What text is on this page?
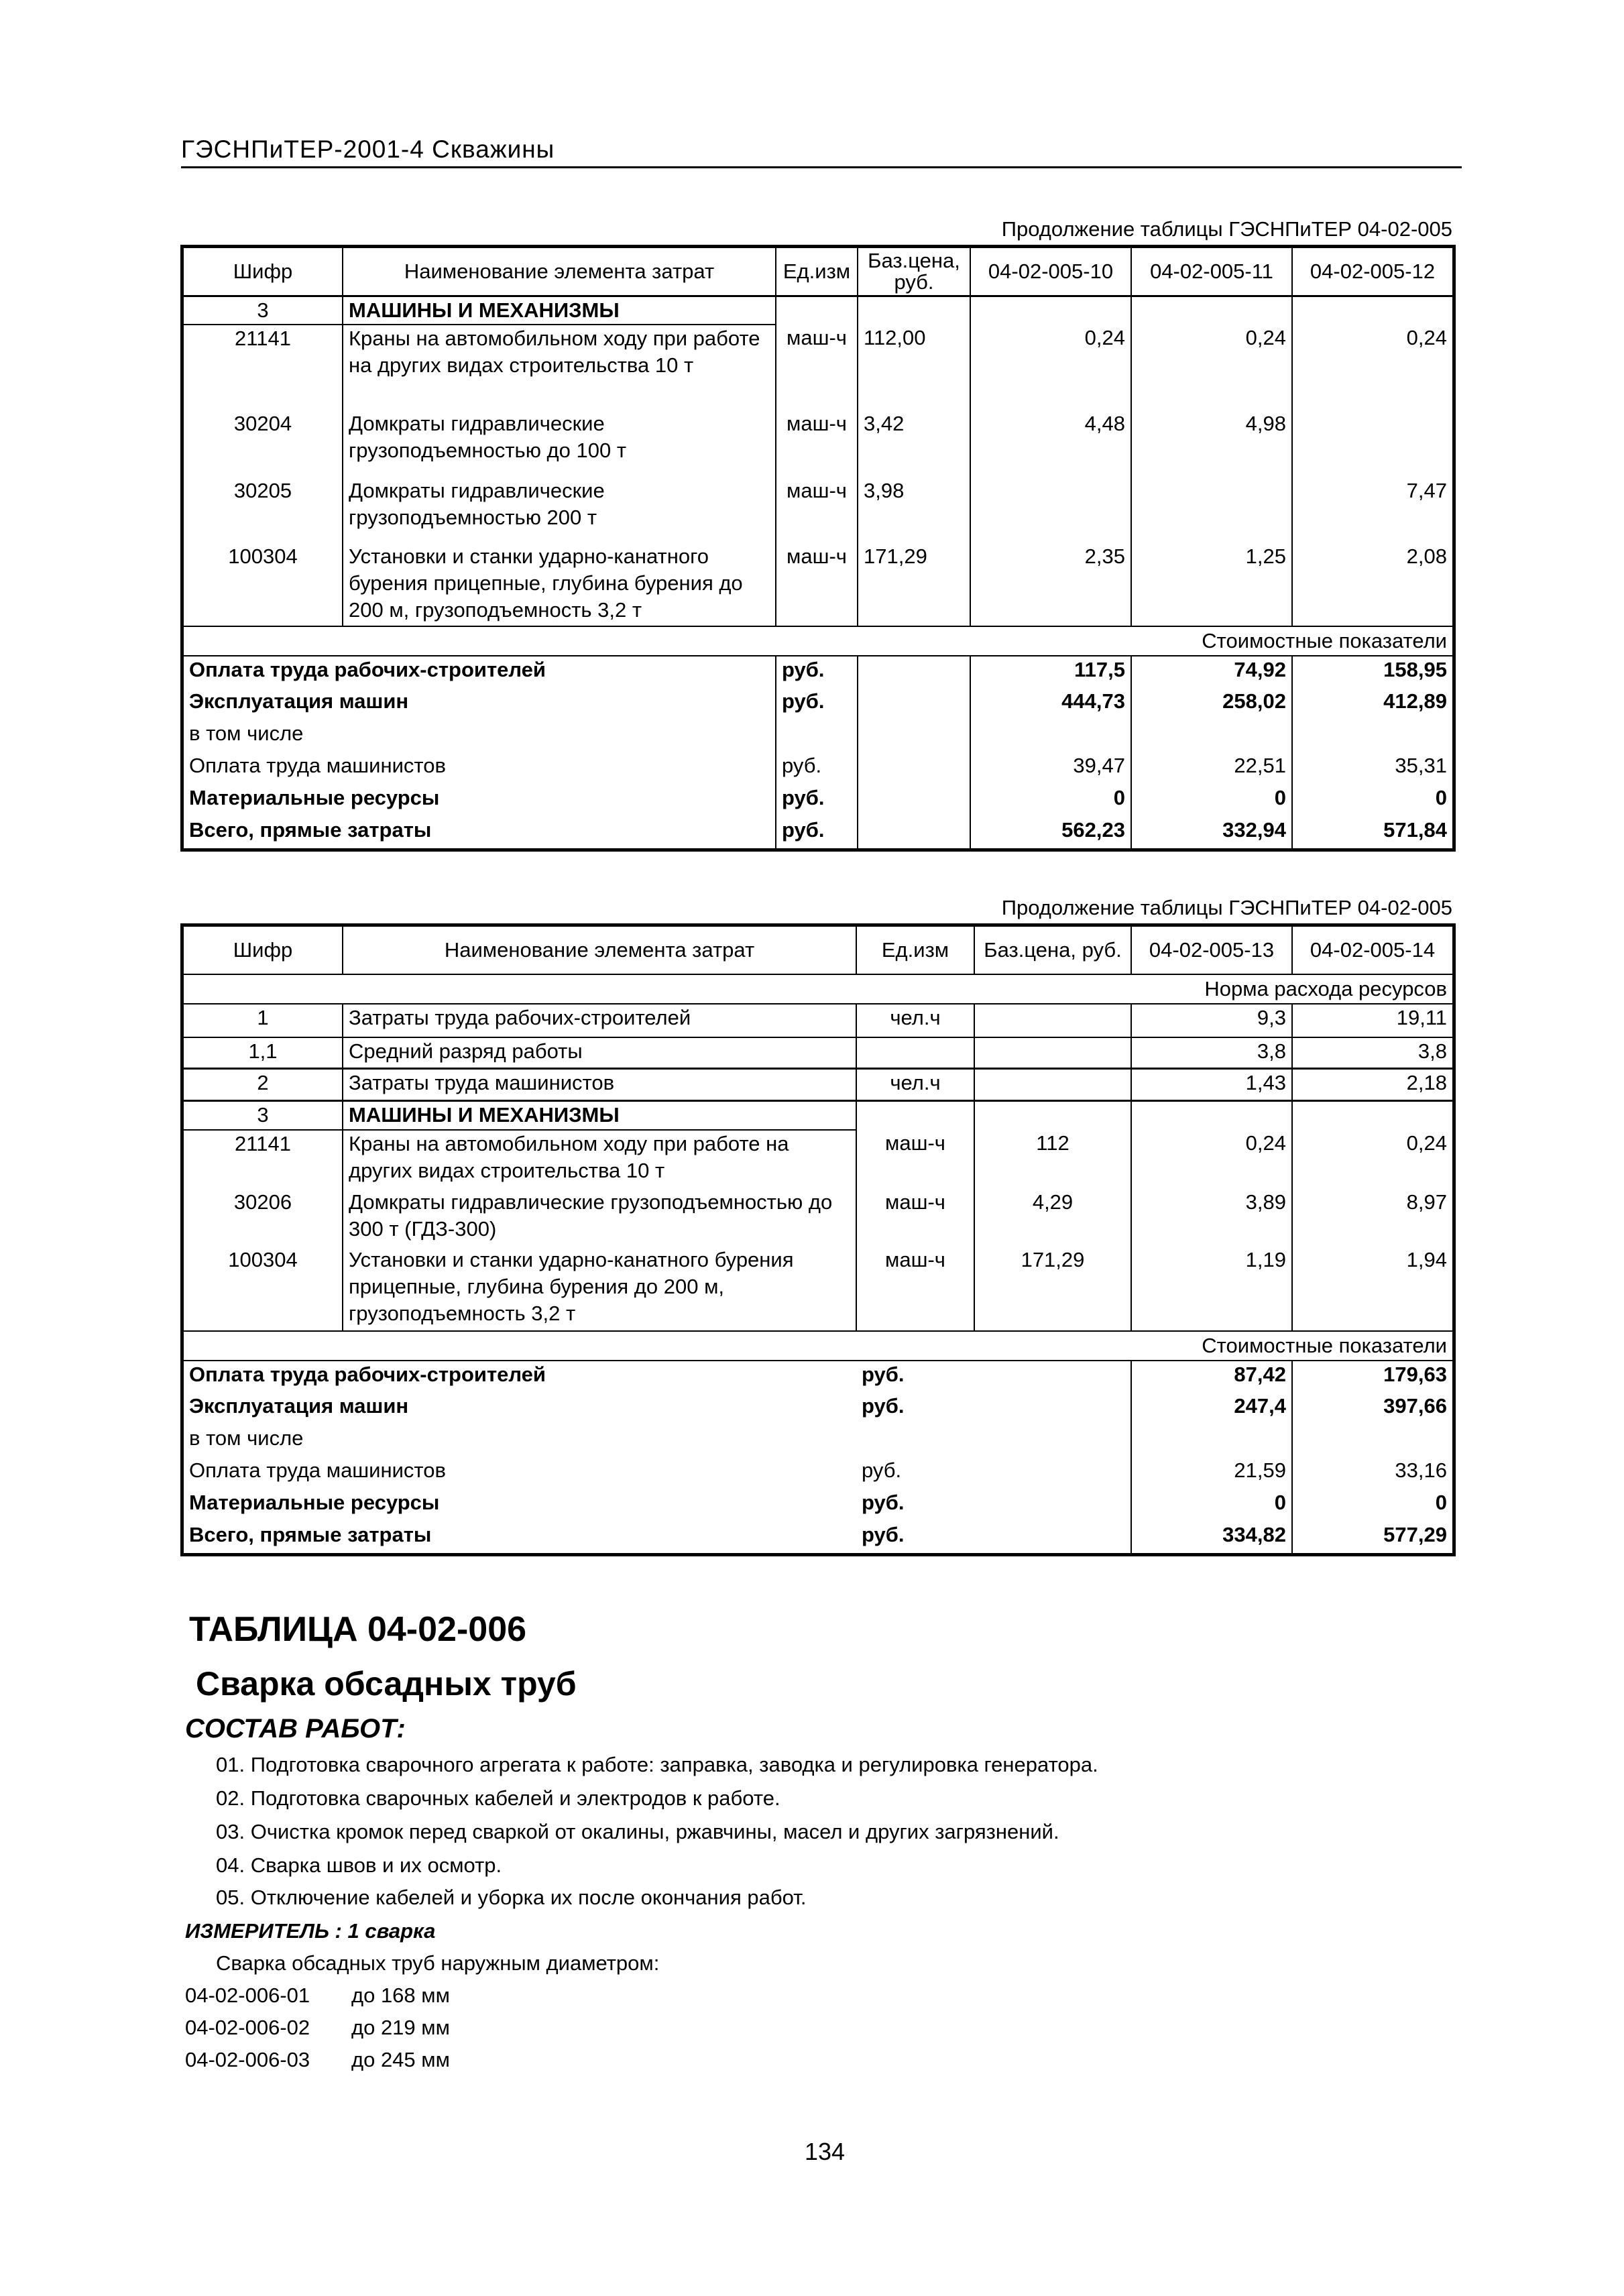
ГЭСНПиТЕР-2001-4 Скважины
Продолжение таблицы ГЭСНПиТЕР 04-02-005
Шифр	Наименование элемента затрат	Ед.изм	Баз.цена, руб.	04-02-005-10	04-02-005-11	04-02-005-12
3	МАШИНЫ И МЕХАНИЗМЫ					
21141	Краны на автомобильном ходу при работе на других видах строительства 10 т	маш-ч	112,00	0,24	0,24	0,24
30204	Домкраты гидравлические грузоподъемностью до 100 т	маш-ч	3,42	4,48	4,98	
30205	Домкраты гидравлические грузоподъемностью 200 т	маш-ч	3,98			7,47
100304	Установки и станки ударно-канатного бурения прицепные, глубина бурения до 200 м, грузоподъемность 3,2 т	маш-ч	171,29	2,35	1,25	2,08
Стоимостные показатели						
Оплата труда рабочих-строителей		руб.		117,5	74,92	158,95
Эксплуатация машин		руб.		444,73	258,02	412,89
в том числе						
Оплата труда машинистов		руб.		39,47	22,51	35,31
Материальные ресурсы		руб.		0	0	0
Всего, прямые затраты		руб.		562,23	332,94	571,84
Продолжение таблицы ГЭСНПиТЕР 04-02-005
Шифр	Наименование элемента затрат	Ед.изм	Баз.цена, руб.	04-02-005-13	04-02-005-14
Норма расхода ресурсов					
1	Затраты труда рабочих-строителей	чел.ч		9,3	19,11
1,1	Средний разряд работы			3,8	3,8
2	Затраты труда машинистов	чел.ч		1,43	2,18
3	МАШИНЫ И МЕХАНИЗМЫ				
21141	Краны на автомобильном ходу при работе на других видах строительства 10 т	маш-ч	112	0,24	0,24
30206	Домкраты гидравлические грузоподъемностью до 300 т (ГДЗ-300)	маш-ч	4,29	3,89	8,97
100304	Установки и станки ударно-канатного бурения прицепные, глубина бурения до 200 м, грузоподъемность 3,2 т	маш-ч	171,29	1,19	1,94
Стоимостные показатели					
Оплата труда рабочих-строителей		руб.		87,42	179,63
Эксплуатация машин		руб.		247,4	397,66
в том числе					
Оплата труда машинистов		руб.		21,59	33,16
Материальные ресурсы		руб.		0	0
Всего, прямые затраты		руб.		334,82	577,29
ТАБЛИЦА 04-02-006
Сварка обсадных труб
СОСТАВ РАБОТ:
01. Подготовка сварочного агрегата к работе: заправка, заводка и регулировка генератора.
02. Подготовка сварочных кабелей и электродов к работе.
03. Очистка кромок перед сваркой от окалины, ржавчины, масел и других загрязнений.
04. Сварка швов и их осмотр.
05. Отключение кабелей и уборка их после окончания работ.
ИЗМЕРИТЕЛЬ : 1 сварка
Сварка обсадных труб наружным диаметром:
04-02-006-01 до 168 мм
04-02-006-02 до 219 мм
04-02-006-03 до 245 мм
134
